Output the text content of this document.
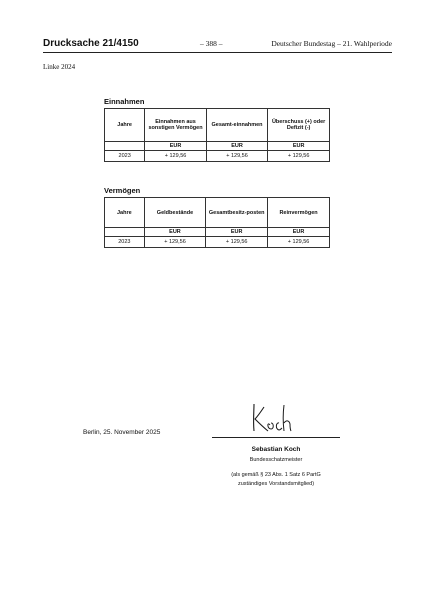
Drucksache 21/4150	– 388 –	Deutscher Bundestag – 21. Wahlperiode
Linke 2024
Einnahmen
Jahre	Einnahmen aus sonstigen Vermögen	Gesamt-einnahmen	Überschuss (+) oder Defizit (-)
	EUR	EUR	EUR
2023	+ 129,56	+ 129,56	+ 129,56
Vermögen
Jahre	Geldbestände	Gesamtbesitz-posten	Reinvermögen
	EUR	EUR	EUR
2023	+ 129,56	+ 129,56	+ 129,56
Berlin, 25. November 2025
Sebastian Koch
Bundesschatzmeister
(als gemäß § 23 Abs. 1 Satz 6 PartG
zuständiges Vorstandsmitglied)
